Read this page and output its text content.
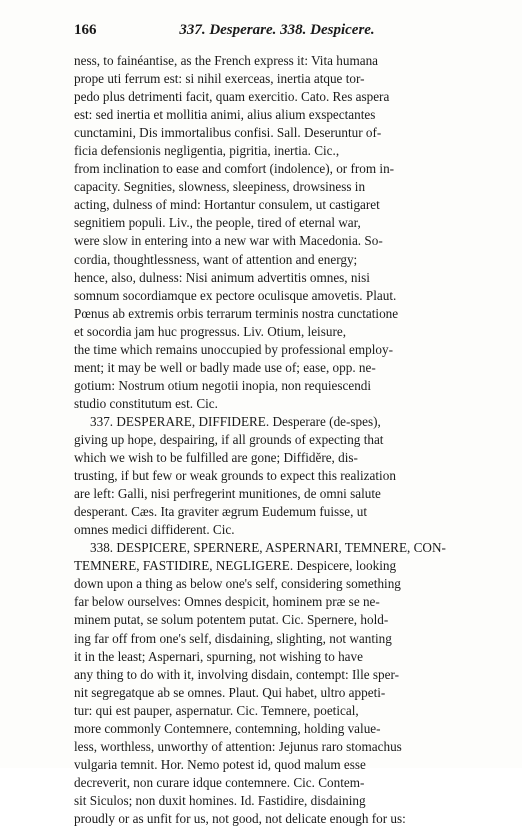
166	337. Desperare. 338. Despicere.
ness, to fainéantise, as the French express it: Vita humana
prope uti ferrum est: si nihil exerceas, inertia atque tor-
pedo plus detrimenti facit, quam exercitio. Cato. Res aspera
est: sed inertia et mollitia animi, alius alium exspectantes
cunctamini, Dis immortalibus confisi. Sall. Deseruntur of-
ficia defensionis negligentia, pigritia, inertia. Cic.,
from inclination to ease and comfort (indolence), or from in-
capacity. Segnities, slowness, sleepiness, drowsiness in
acting, dulness of mind: Hortantur consulem, ut castigaret
segnitiem populi. Liv., the people, tired of eternal war,
were slow in entering into a new war with Macedonia. So-
cordia, thoughtlessness, want of attention and energy;
hence, also, dulness: Nisi animum advertitis omnes, nisi
somnum socordiamque ex pectore oculisque amovetis. Plaut.
Pœnus ab extremis orbis terrarum terminis nostra cunctatione
et socordia jam huc progressus. Liv. Otium, leisure,
the time which remains unoccupied by professional employ-
ment; it may be well or badly made use of; ease, opp. ne-
gotium: Nostrum otium negotii inopia, non requiescendi
studio constitutum est. Cic.
337. DESPERARE, DIFFIDERE. Desperare (de-spes),
giving up hope, despairing, if all grounds of expecting that
which we wish to be fulfilled are gone; Diffidĕre, dis-
trusting, if but few or weak grounds to expect this realization
are left: Galli, nisi perfregerint munitiones, de omni salute
desperant. Cæs. Ita graviter ægrum Eudemum fuisse, ut
omnes medici diffiderent. Cic.
338. DESPICERE, SPERNERE, ASPERNARI, TEMNERE, CON-
TEMNERE, FASTIDIRE, NEGLIGERE. Despicere, looking
down upon a thing as below one's self, considering something
far below ourselves: Omnes despicit, hominem præ se ne-
minem putat, se solum potentem putat. Cic. Spernere, hold-
ing far off from one's self, disdaining, slighting, not wanting
it in the least; Aspernari, spurning, not wishing to have
any thing to do with it, involving disdain, contempt: Ille sper-
nit segregatque ab se omnes. Plaut. Qui habet, ultro appeti-
tur: qui est pauper, aspernatur. Cic. Temnere, poetical,
more commonly Contemnere, contemning, holding value-
less, worthless, unworthy of attention: Jejunus raro stomachus
vulgaria temnit. Hor. Nemo potest id, quod malum esse
decreverit, non curare idque contemnere. Cic. Contem-
sit Siculos; non duxit homines. Id. Fastidire, disdaining
proudly or as unfit for us, not good, not delicate enough for us:
